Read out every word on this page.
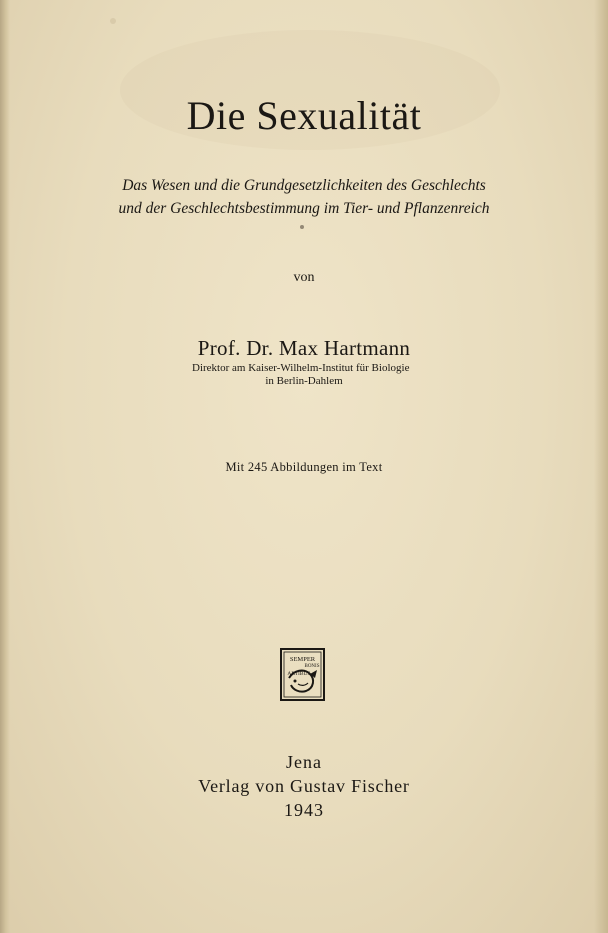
Die Sexualität
Das Wesen und die Grundgesetzlichkeiten des Geschlechts
und der Geschlechtsbestimmung im Tier- und Pflanzenreich
von
Prof. Dr. Max Hartmann
Direktor am Kaiser-Wilhelm-Institut für Biologie
in Berlin-Dahlem
Mit 245 Abbildungen im Text
SEMPER
BONIS
ARTIBUS
Jena
Verlag von Gustav Fischer
1943
